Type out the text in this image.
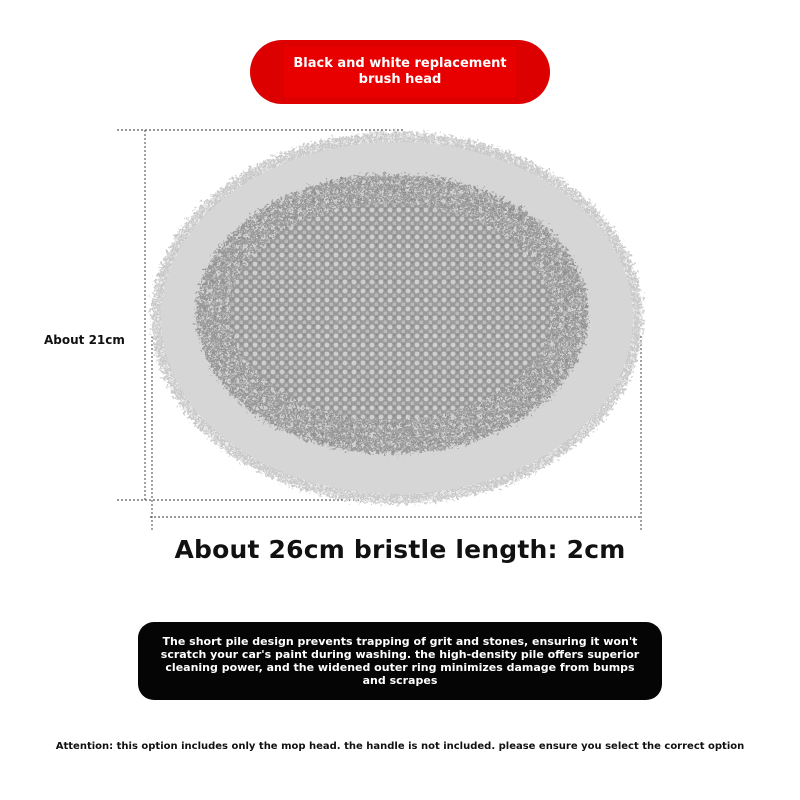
Black and white replacement
brush head
About 21cm
About 26cm bristle length: 2cm
The short pile design prevents trapping of grit and stones, ensuring it won't scratch your car's paint during washing. the high-density pile offers superior cleaning power, and the widened outer ring minimizes damage from bumps and scrapes
Attention: this option includes only the mop head. the handle is not included. please ensure you select the correct option
